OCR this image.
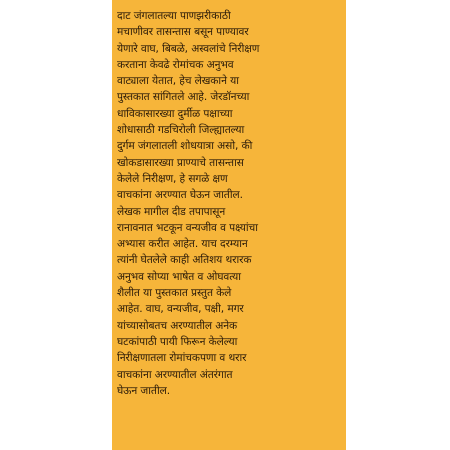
दाट जंगलातल्या पाणझरीकाठी
मचाणीवर तासन्तास बसून पाण्यावर
येणारे वाघ, बिबळे, अस्वलांचे निरीक्षण
करताना केवढे रोमांचक अनुभव
वाट्याला येतात, हेच लेखकाने या
पुस्तकात सांगितले आहे. जेरडॉनच्या
धाविकासारख्या दुर्मीळ पक्षाच्या
शोधासाठी गडचिरोली जिल्ह्यातल्या
दुर्गम जंगलातली शोधयात्रा असो, की
खोकडासारख्या प्राण्याचे तासन्तास
केलेले निरीक्षण, हे सगळे क्षण
वाचकांना अरण्यात घेऊन जातील.
लेखक मागील दीड तपापासून
रानावनात भटकून वन्यजीव व पक्ष्यांचा
अभ्यास करीत आहेत. याच दरम्यान
त्यांनी घेतलेले काही अतिशय थरारक
अनुभव सोप्या भाषेत व ओघवत्या
शैलीत या पुस्तकात प्रस्तुत केले
आहेत. वाघ, वन्यजीव, पक्षी, मगर
यांच्यासोबतच अरण्यातील अनेक
घटकांपाठी पायी फिरून केलेल्या
निरीक्षणातला रोमांचकपणा व थरार
वाचकांना अरण्यातील अंतरंगात
घेऊन जातील.
